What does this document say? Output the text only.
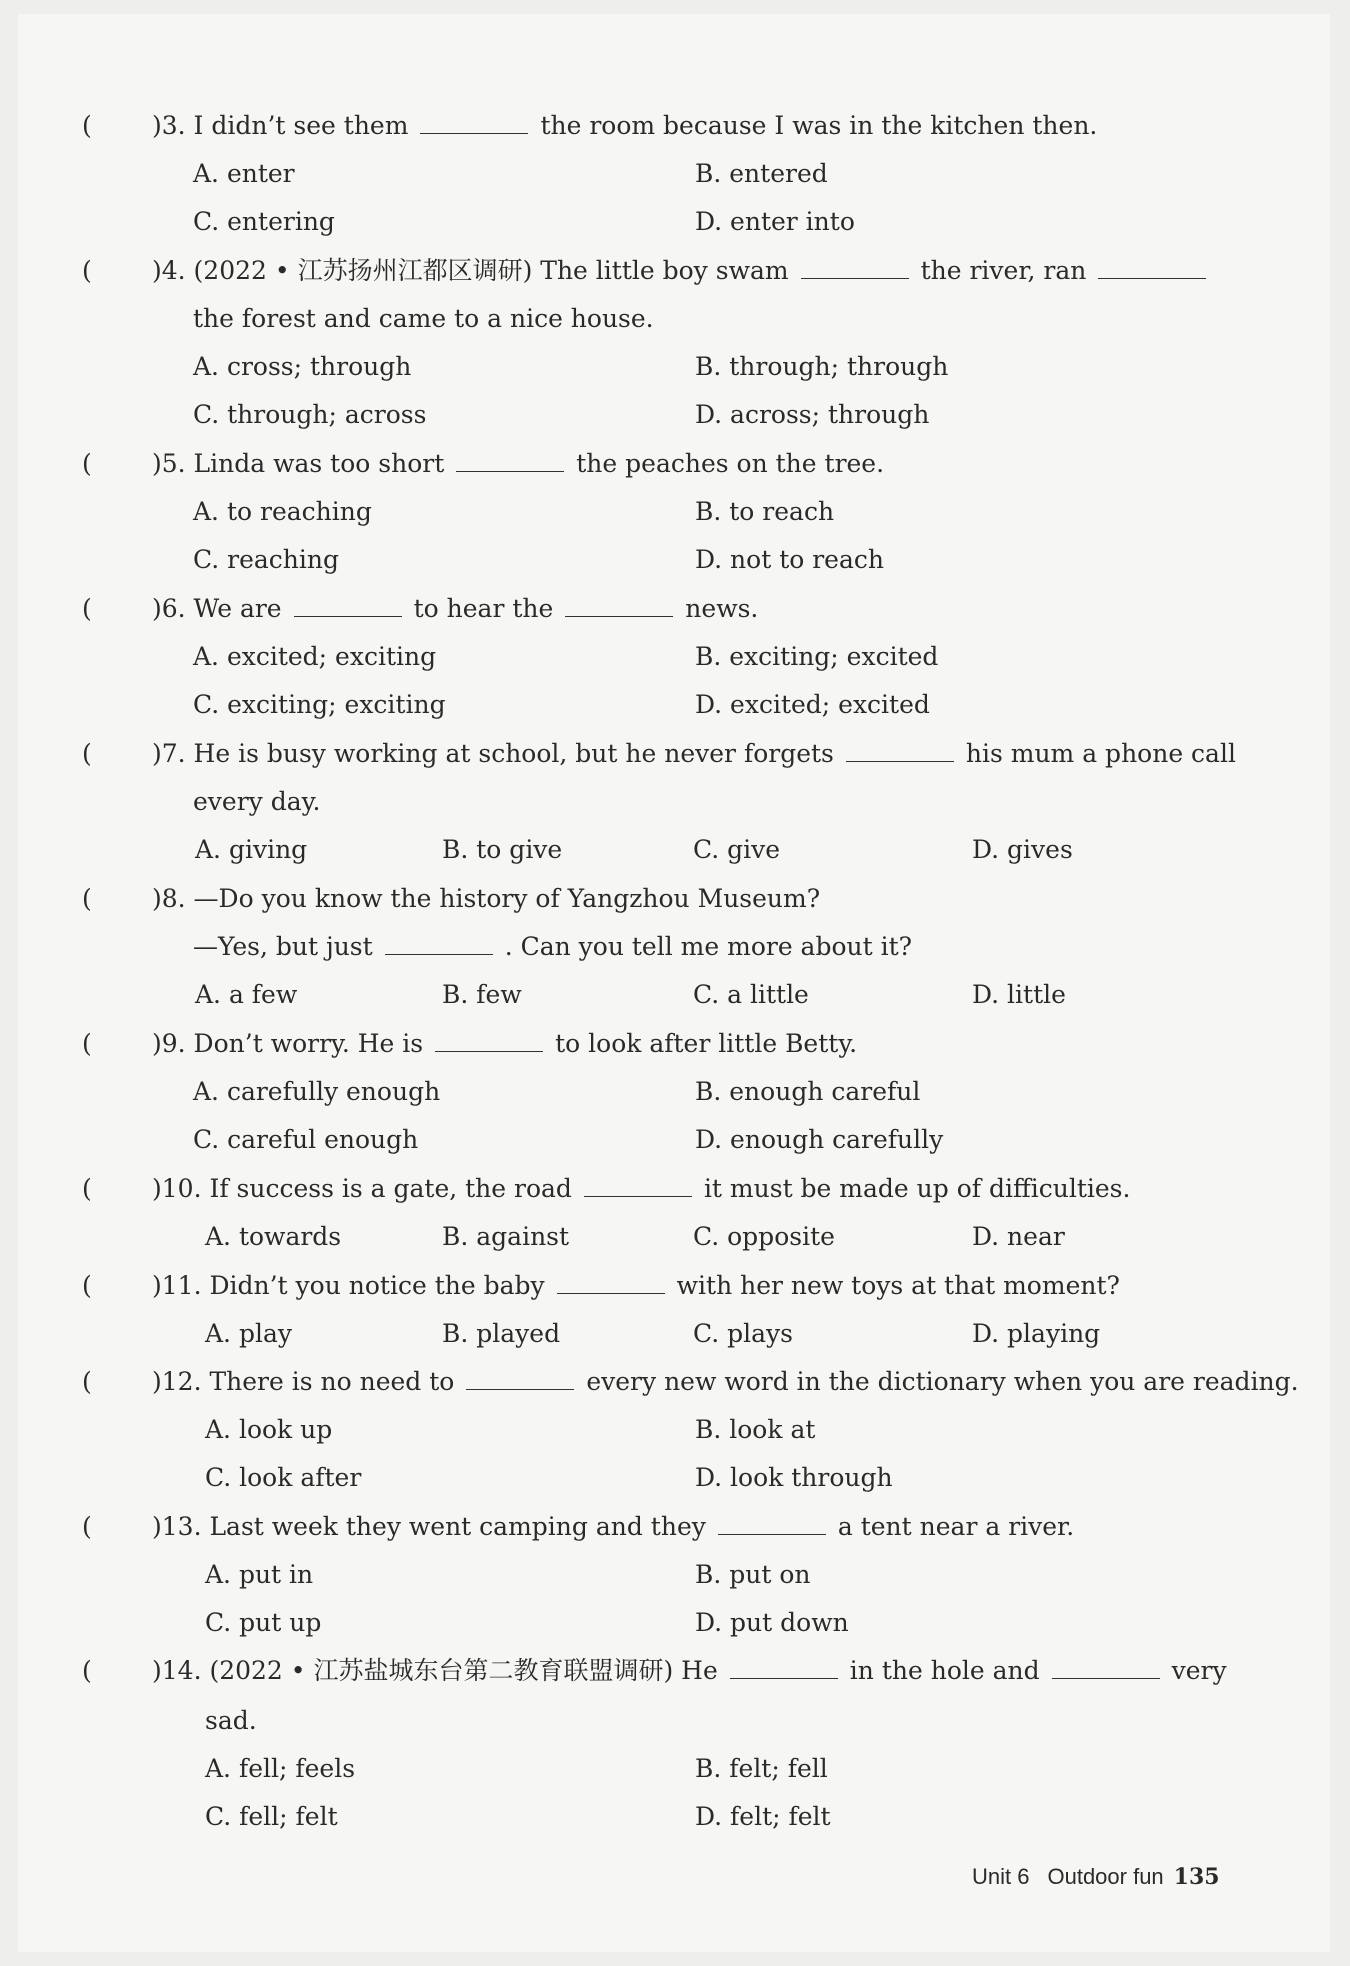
( )3. I didn’t see them	the room because I was in the kitchen then.
A. enter	B. entered
C. entering	D. enter into
( )4. (2022 • 江苏扬州江都区调研) The little boy swam	the river, ran
the forest and came to a nice house.
A. cross; through	B. through; through
C. through; across	D. across; through
( )5. Linda was too short	the peaches on the tree.
A. to reaching	B. to reach
C. reaching	D. not to reach
( )6. We are	to hear the	news.
A. excited; exciting	B. exciting; excited
C. exciting; exciting	D. excited; excited
( )7. He is busy working at school, but he never forgets	his mum a phone call
every day.
A. giving	B. to give	C. give	D. gives
( )8. —Do you know the history of Yangzhou Museum?
—Yes, but just	. Can you tell me more about it?
A. a few	B. few	C. a little	D. little
( )9. Don’t worry. He is	to look after little Betty.
A. carefully enough	B. enough careful
C. careful enough	D. enough carefully
( )10. If success is a gate, the road	it must be made up of difficulties.
A. towards	B. against	C. opposite	D. near
( )11. Didn’t you notice the baby	with her new toys at that moment?
A. play	B. played	C. plays	D. playing
( )12. There is no need to	every new word in the dictionary when you are reading.
A. look up	B. look at
C. look after	D. look through
( )13. Last week they went camping and they	a tent near a river.
A. put in	B. put on
C. put up	D. put down
( )14. (2022 • 江苏盐城东台第二教育联盟调研) He	in the hole and	very
sad.
A. fell; feels	B. felt; fell
C. fell; felt	D. felt; felt
Unit 6 Outdoor fun 135
